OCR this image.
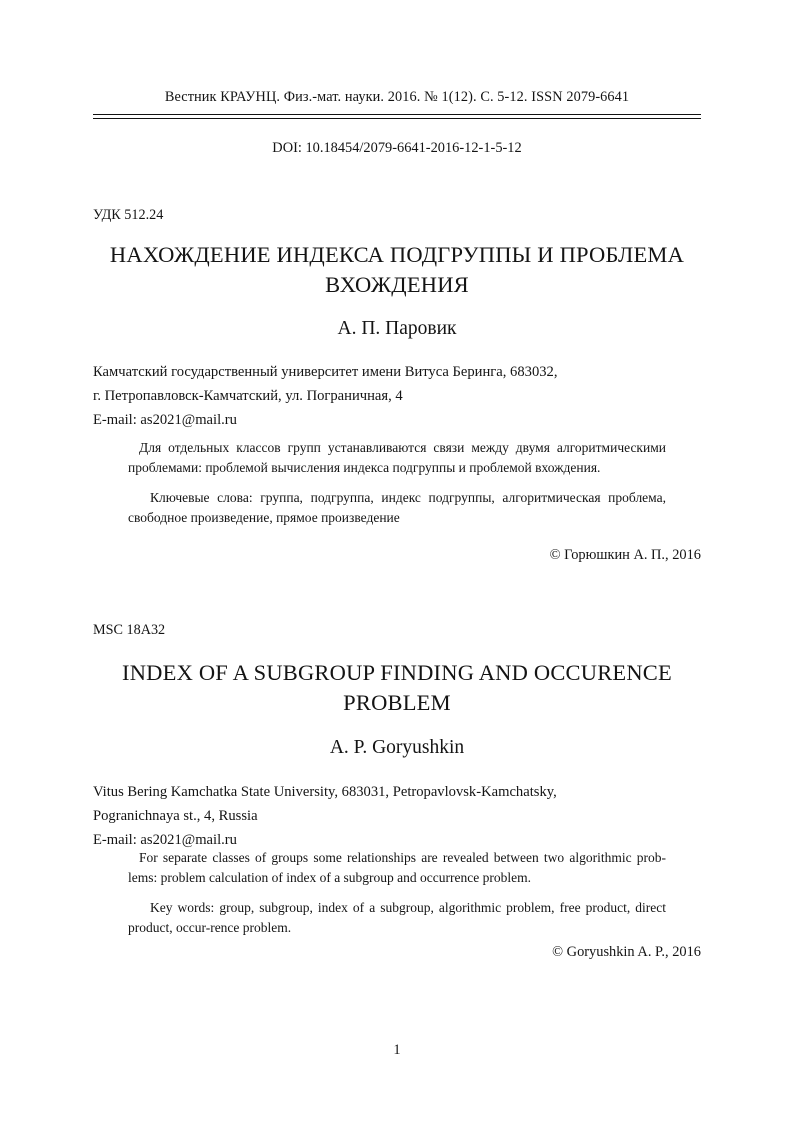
Вестник КРАУНЦ. Физ.-мат. науки. 2016. № 1(12). С. 5-12. ISSN 2079-6641
DOI: 10.18454/2079-6641-2016-12-1-5-12
УДК 512.24
НАХОЖДЕНИЕ ИНДЕКСА ПОДГРУППЫ И ПРОБЛЕМА ВХОЖДЕНИЯ
А. П. Паровик
Камчатский государственный университет имени Витуса Беринга, 683032,
г. Петропавловск-Камчатский, ул. Пограничная, 4
E-mail: as2021@mail.ru

Для отдельных классов групп устанавливаются связи между двумя алгоритмическими проблемами: проблемой вычисления индекса подгруппы и проблемой вхождения.

Ключевые слова: группа, подгруппа, индекс подгруппы, алгоритмическая проблема, свободное произведение, прямое произведение

© Горюшкин А. П., 2016
MSC 18A32
INDEX OF A SUBGROUP FINDING AND OCCURENCE PROBLEM
A. P. Goryushkin
Vitus Bering Kamchatka State University, 683031, Petropavlovsk-Kamchatsky,
Pogranichnaya st., 4, Russia
E-mail: as2021@mail.ru

For separate classes of groups some relationships are revealed between two algorithmic prob-lems: problem calculation of index of a subgroup and occurrence problem.

Key words: group, subgroup, index of a subgroup, algorithmic problem, free product, direct product, occur-rence problem.

© Goryushkin A. P., 2016
1
